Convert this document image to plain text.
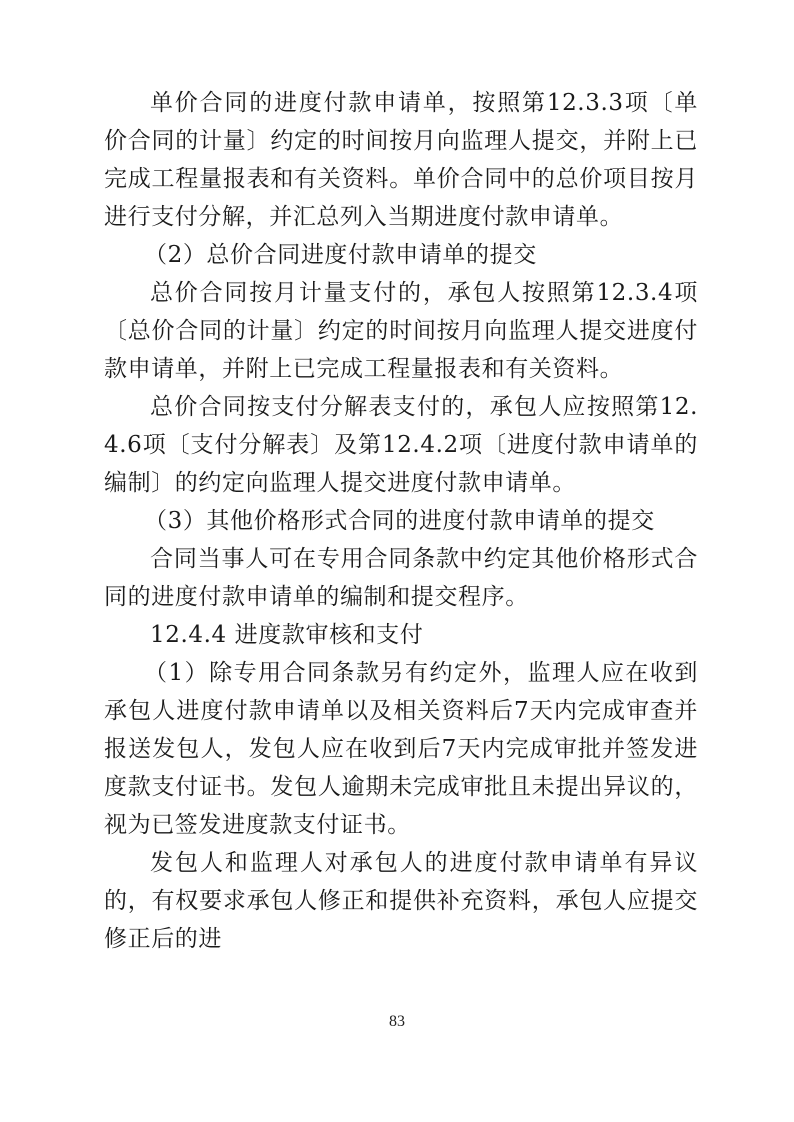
单价合同的进度付款申请单，按照第12.3.3项〔单价合同的计量〕约定的时间按月向监理人提交，并附上已完成工程量报表和有关资料。单价合同中的总价项目按月进行支付分解，并汇总列入当期进度付款申请单。

（2）总价合同进度付款申请单的提交

总价合同按月计量支付的，承包人按照第12.3.4项〔总价合同的计量〕约定的时间按月向监理人提交进度付款申请单，并附上已完成工程量报表和有关资料。

总价合同按支付分解表支付的，承包人应按照第12.4.6项〔支付分解表〕及第12.4.2项〔进度付款申请单的编制〕的约定向监理人提交进度付款申请单。

（3）其他价格形式合同的进度付款申请单的提交

合同当事人可在专用合同条款中约定其他价格形式合同的进度付款申请单的编制和提交程序。

12.4.4 进度款审核和支付

（1）除专用合同条款另有约定外，监理人应在收到承包人进度付款申请单以及相关资料后7天内完成审查并报送发包人，发包人应在收到后7天内完成审批并签发进度款支付证书。发包人逾期未完成审批且未提出异议的，视为已签发进度款支付证书。

发包人和监理人对承包人的进度付款申请单有异议的，有权要求承包人修正和提供补充资料，承包人应提交修正后的进

83
